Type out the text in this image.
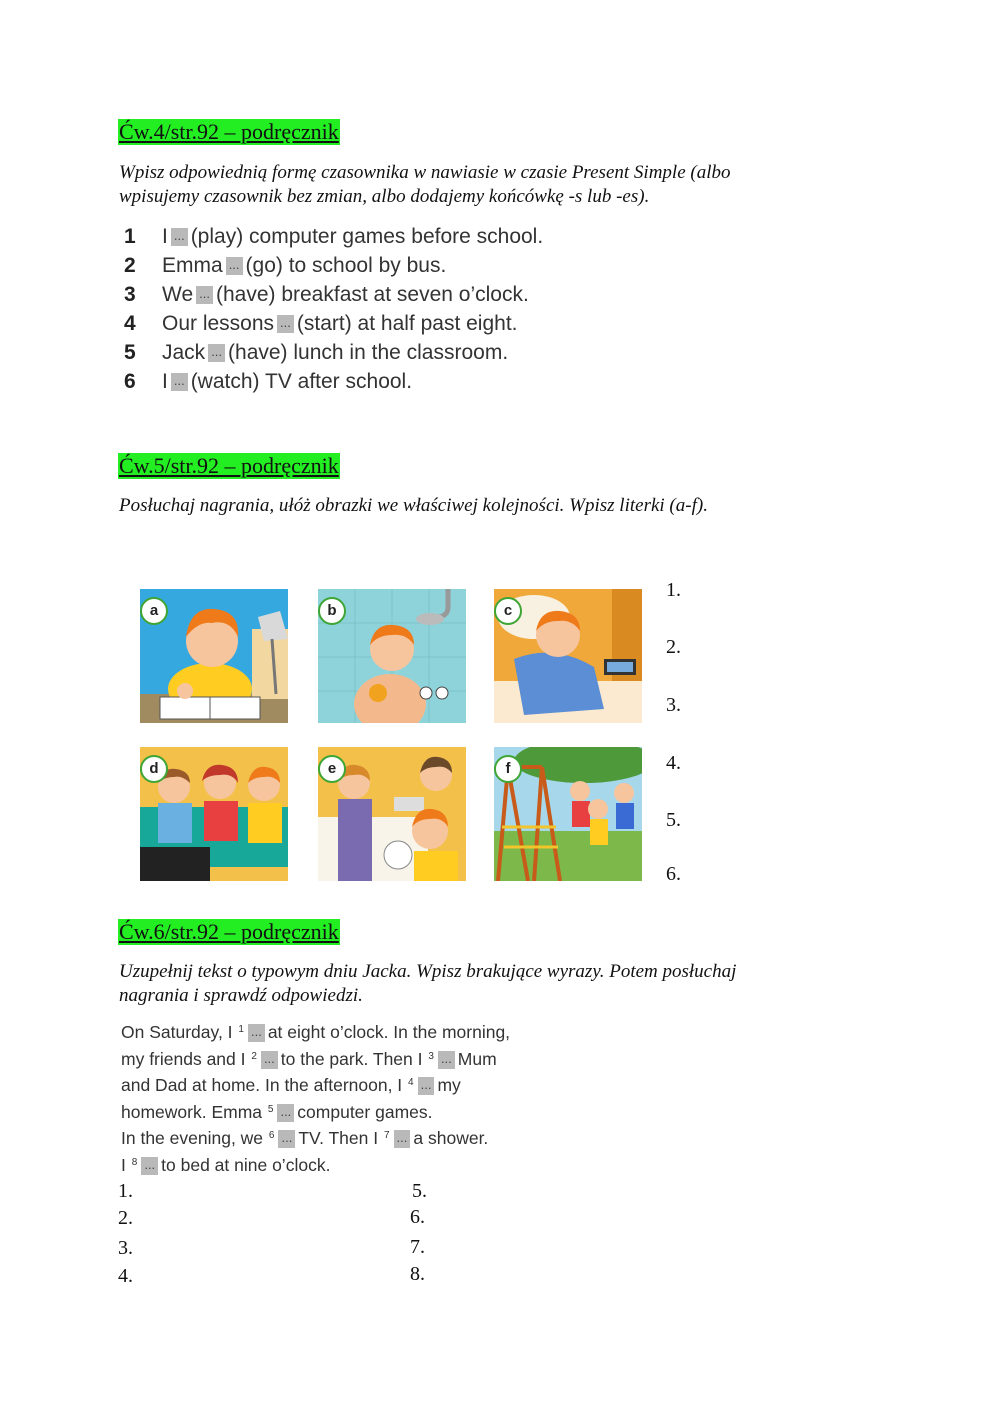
Ćw.4/str.92 – podręcznik
Wpisz odpowiednią formę czasownika w nawiasie w czasie Present Simple (albo
wpisujemy czasownik bez zmian, albo dodajemy końcówkę -s lub -es).
1 I ... (play) computer games before school.
2 Emma ... (go) to school by bus.
3 We ... (have) breakfast at seven o’clock.
4 Our lessons ... (start) at half past eight.
5 Jack ... (have) lunch in the classroom.
6 I ... (watch) TV after school.
Ćw.5/str.92 – podręcznik
Posłuchaj nagrania, ułóż obrazki we właściwej kolejności. Wpisz literki (a-f).
a	b	c
d	e	f
1.
2.
3.
4.
5.
6.
Ćw.6/str.92 – podręcznik
Uzupełnij tekst o typowym dniu Jacka. Wpisz brakujące wyrazy. Potem posłuchaj
nagrania i sprawdź odpowiedzi.
On Saturday, I $^1$ ... at eight o’clock. In the morning,
my friends and I $^2$ ... to the park. Then I $^3$ ... Mum
and Dad at home. In the afternoon, I $^4$ ... my
homework. Emma $^5$ ... computer games.
In the evening, we $^6$ ... TV. Then I $^7$ ... a shower.
I $^8$ ... to bed at nine o’clock.
1.
2.
3.
4.
5.
6.
7.
8.
